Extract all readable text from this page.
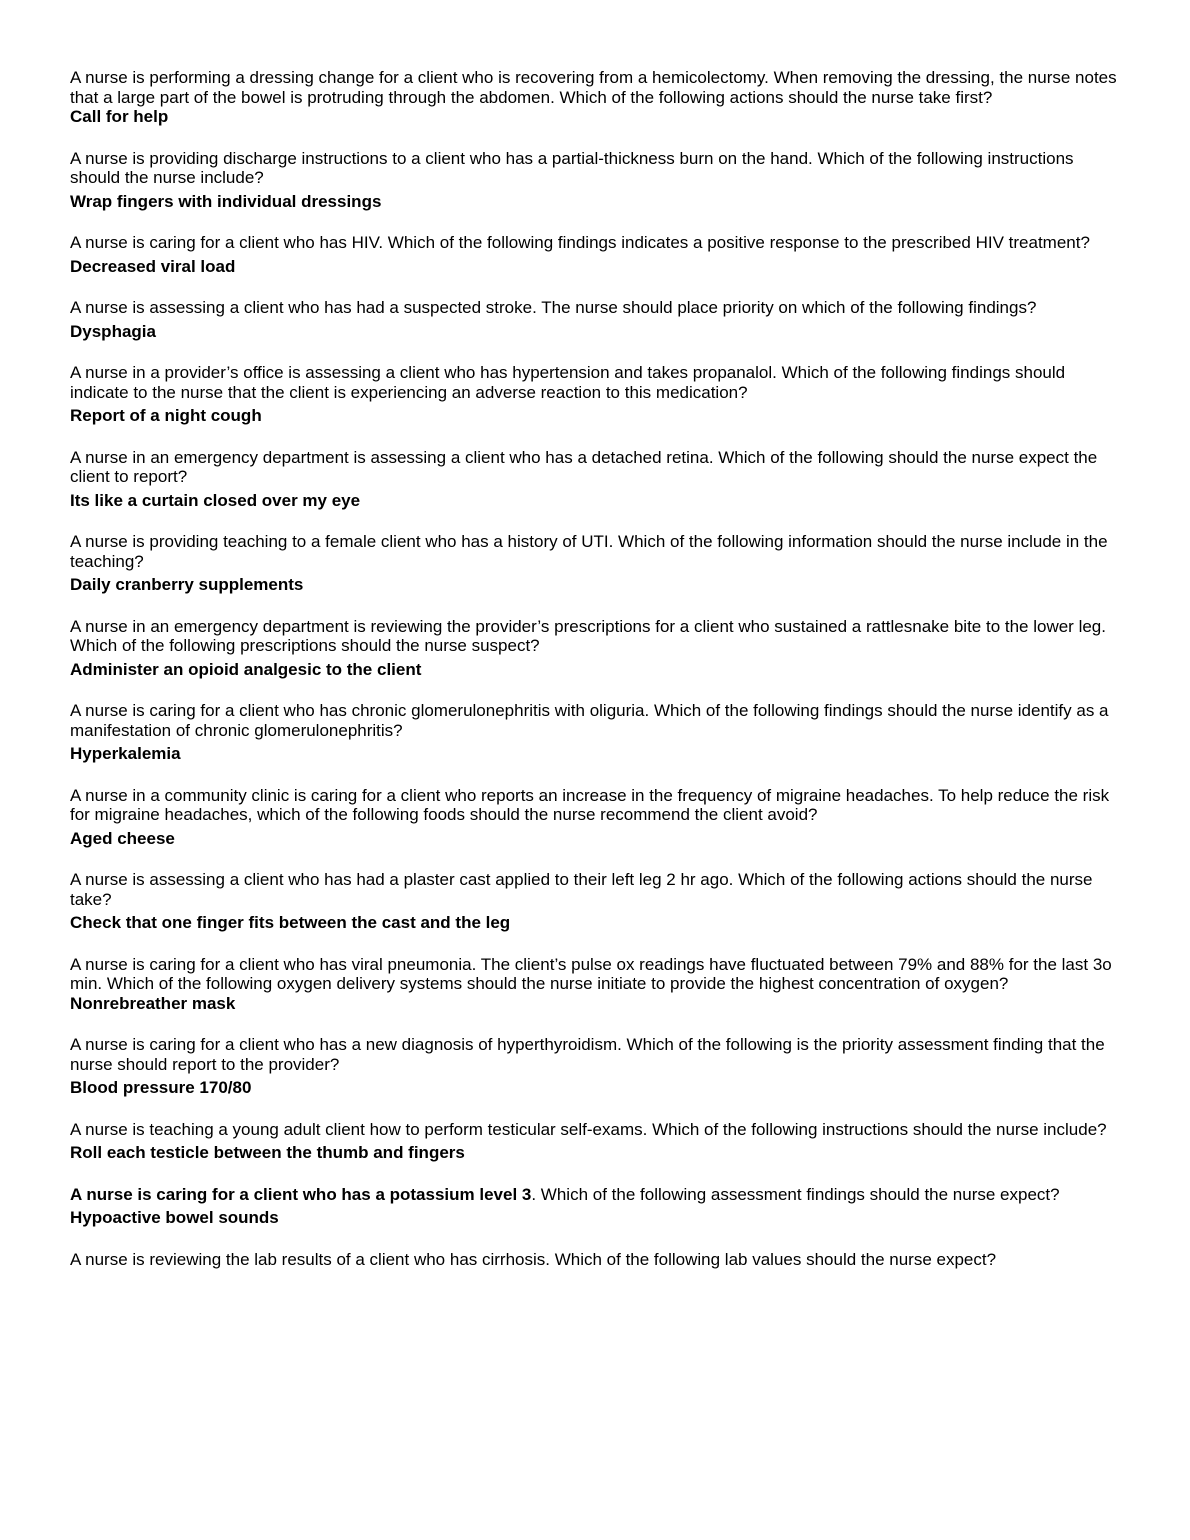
A nurse is performing a dressing change for a client who is recovering from a hemicolectomy. When removing the dressing, the nurse notes that a large part of the bowel is protruding through the abdomen. Which of the following actions should the nurse take first?

Call for help

A nurse is providing discharge instructions to a client who has a partial-thickness burn on the hand. Which of the following instructions should the nurse include?

Wrap fingers with individual dressings

A nurse is caring for a client who has HIV. Which of the following findings indicates a positive response to the prescribed HIV treatment?

Decreased viral load

A nurse is assessing a client who has had a suspected stroke. The nurse should place priority on which of the following findings?

Dysphagia

A nurse in a provider’s office is assessing a client who has hypertension and takes propanalol. Which of the following findings should indicate to the nurse that the client is experiencing an adverse reaction to this medication?

Report of a night cough

A nurse in an emergency department is assessing a client who has a detached retina. Which of the following should the nurse expect the client to report?

Its like a curtain closed over my eye

A nurse is providing teaching to a female client who has a history of UTI. Which of the following information should the nurse include in the teaching?

Daily cranberry supplements

A nurse in an emergency department is reviewing the provider’s prescriptions for a client who sustained a rattlesnake bite to the lower leg. Which of the following prescriptions should the nurse suspect?

Administer an opioid analgesic to the client

A nurse is caring for a client who has chronic glomerulonephritis with oliguria. Which of the following findings should the nurse identify as a manifestation of chronic glomerulonephritis?

Hyperkalemia

A nurse in a community clinic is caring for a client who reports an increase in the frequency of migraine headaches. To help reduce the risk for migraine headaches, which of the following foods should the nurse recommend the client avoid?

Aged cheese

A nurse is assessing a client who has had a plaster cast applied to their left leg 2 hr ago. Which of the following actions should the nurse take?

Check that one finger fits between the cast and the leg

A nurse is caring for a client who has viral pneumonia. The client’s pulse ox readings have fluctuated between 79% and 88% for the last 3o min. Which of the following oxygen delivery systems should the nurse initiate to provide the highest concentration of oxygen? Nonrebreather mask

A nurse is caring for a client who has a new diagnosis of hyperthyroidism. Which of the following is the priority assessment finding that the nurse should report to the provider?

Blood pressure 170/80

A nurse is teaching a young adult client how to perform testicular self-exams. Which of the following instructions should the nurse include?

Roll each testicle between the thumb and fingers

A nurse is caring for a client who has a potassium level 3. Which of the following assessment findings should the nurse expect?

Hypoactive bowel sounds

A nurse is reviewing the lab results of a client who has cirrhosis. Which of the following lab values should the nurse expect?
